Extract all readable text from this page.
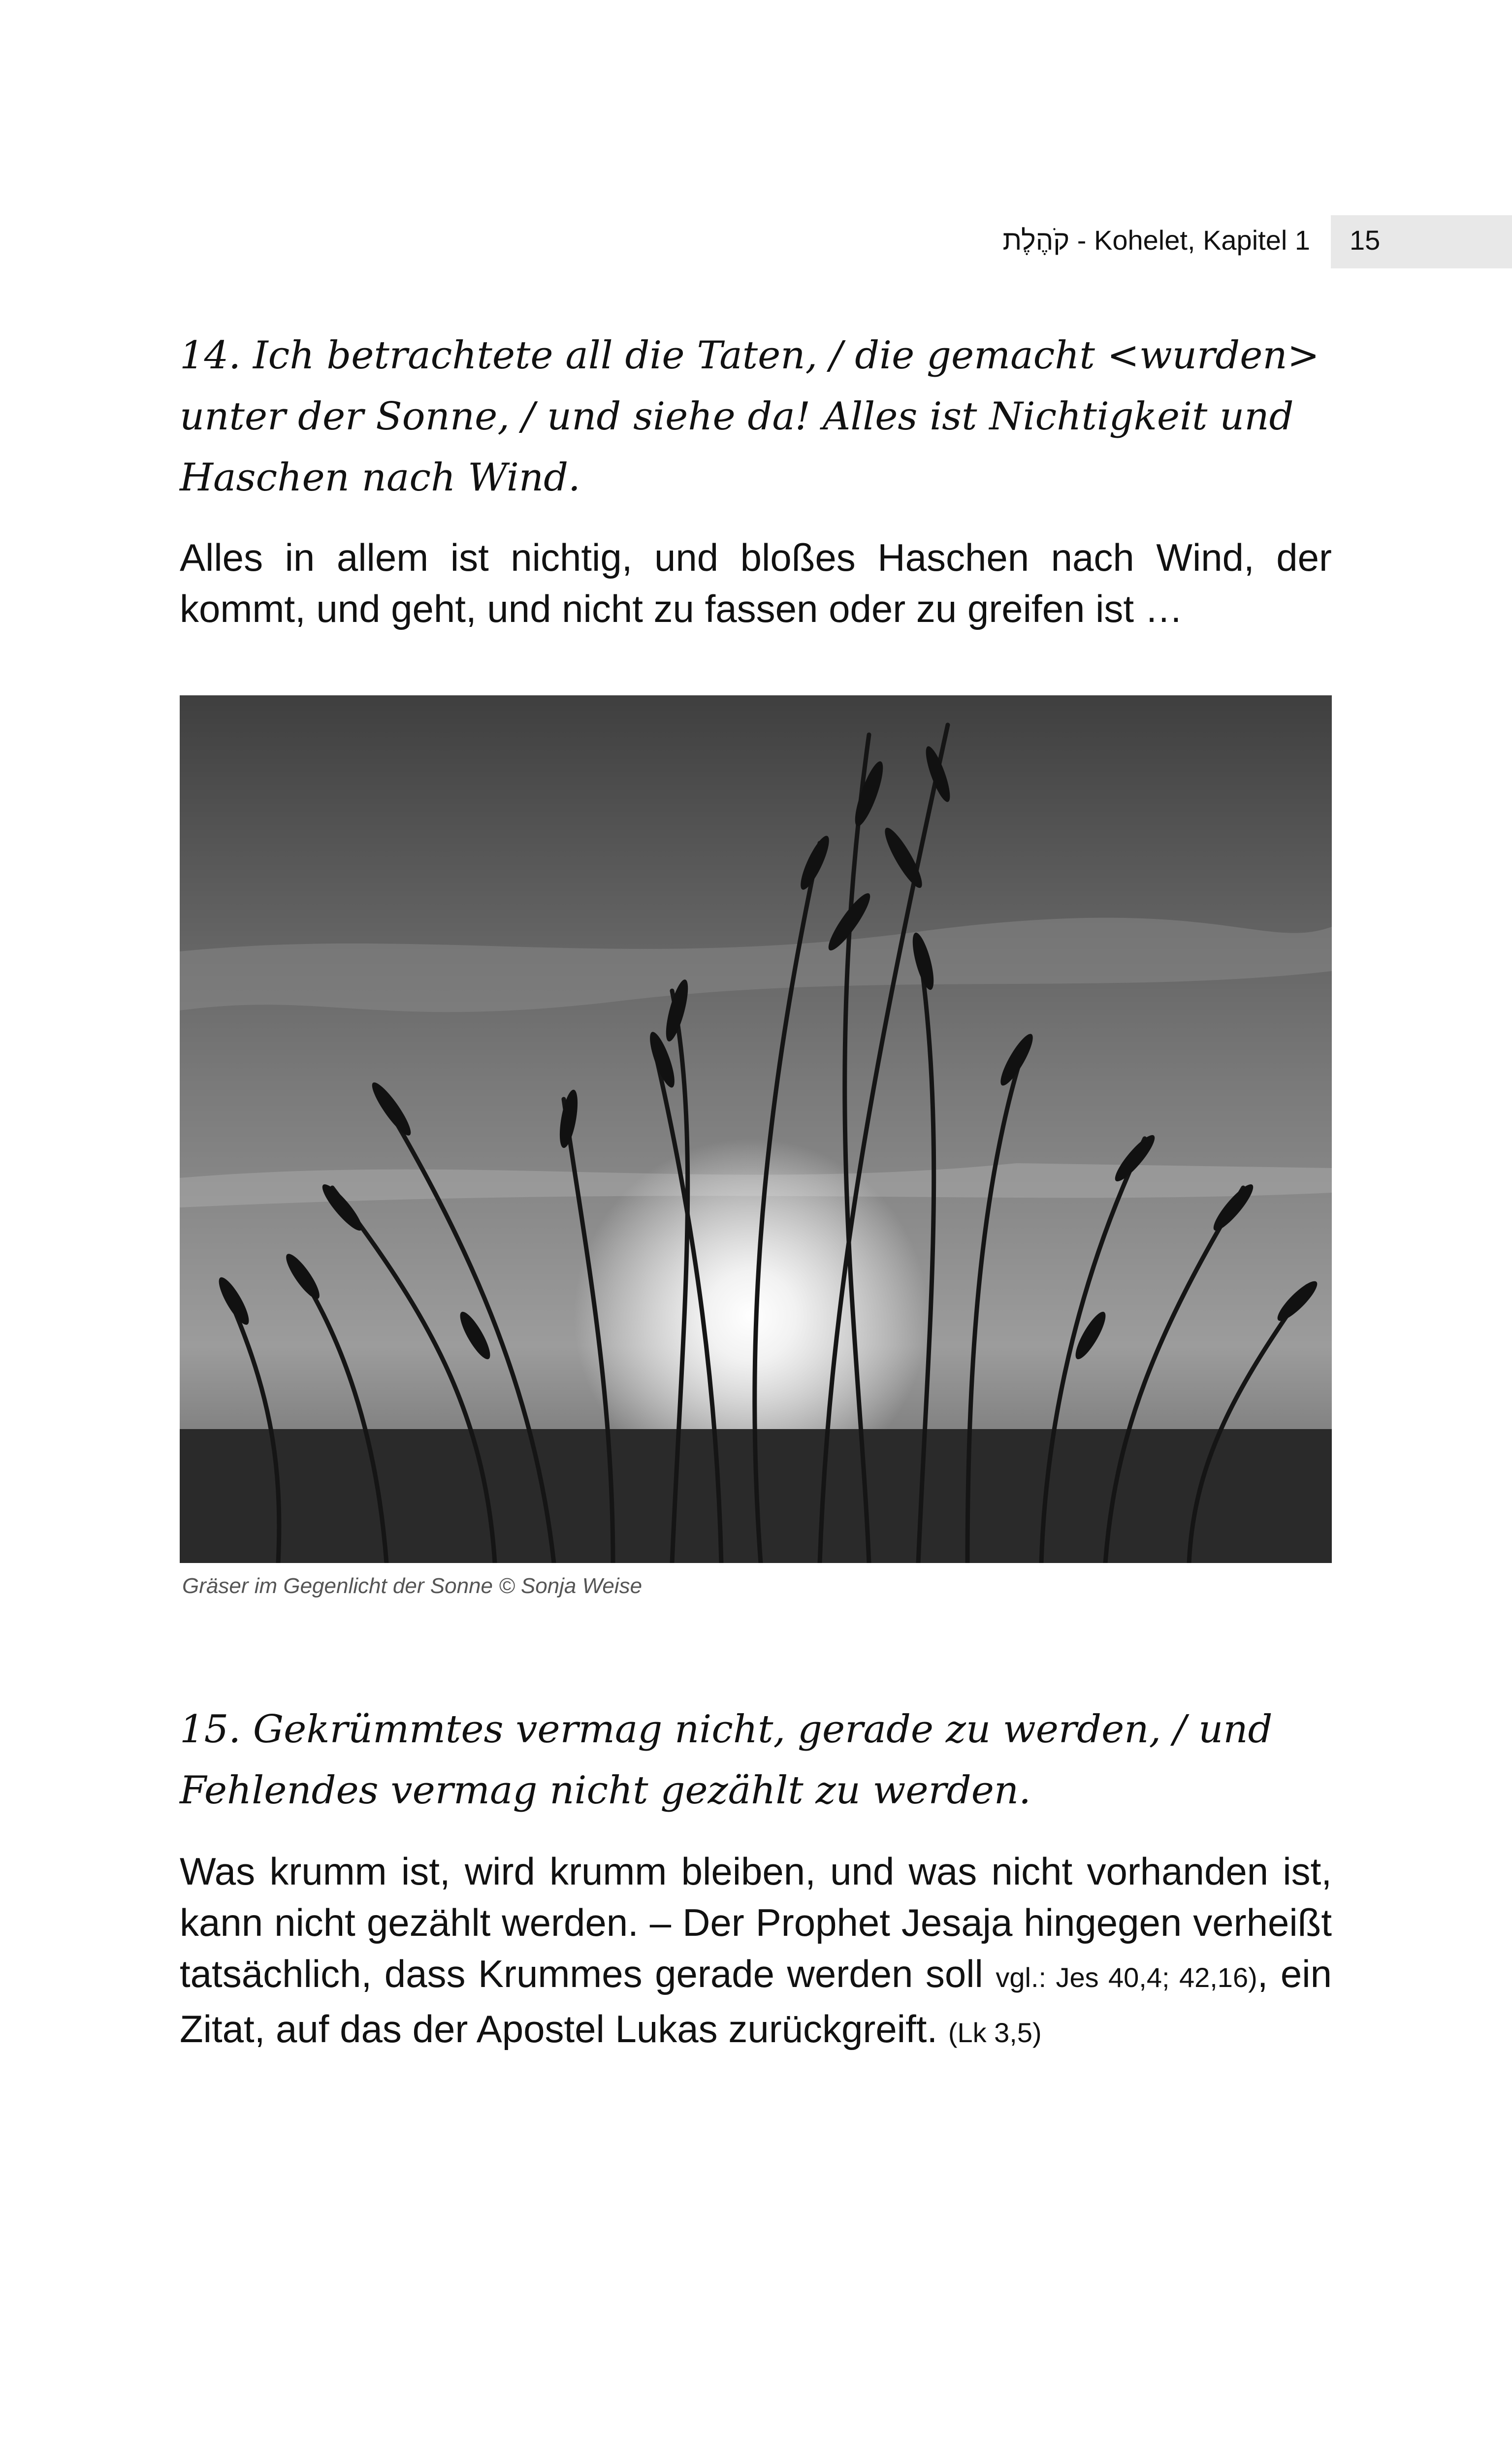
קֹהֶלֶת - Kohelet, Kapitel 1 15
14. Ich betrachtete all die Taten, / die gemacht <wurden>
unter der Sonne, / und siehe da! Alles ist Nichtigkeit und
Haschen nach Wind.
Alles in allem ist nichtig, und bloßes Haschen nach Wind, der kommt, und geht, und nicht zu fassen oder zu greifen ist …
Gräser im Gegenlicht der Sonne © Sonja Weise
15. Gekrümmtes vermag nicht, gerade zu werden, / und
Fehlendes vermag nicht gezählt zu werden.
Was krumm ist, wird krumm bleiben, und was nicht vorhanden ist, kann nicht gezählt werden. – Der Prophet Jesaja hingegen verheißt tatsächlich, dass Krummes gerade werden soll vgl.: Jes 40,4; 42,16), ein Zitat, auf das der Apostel Lukas zurückgreift. (Lk 3,5)
